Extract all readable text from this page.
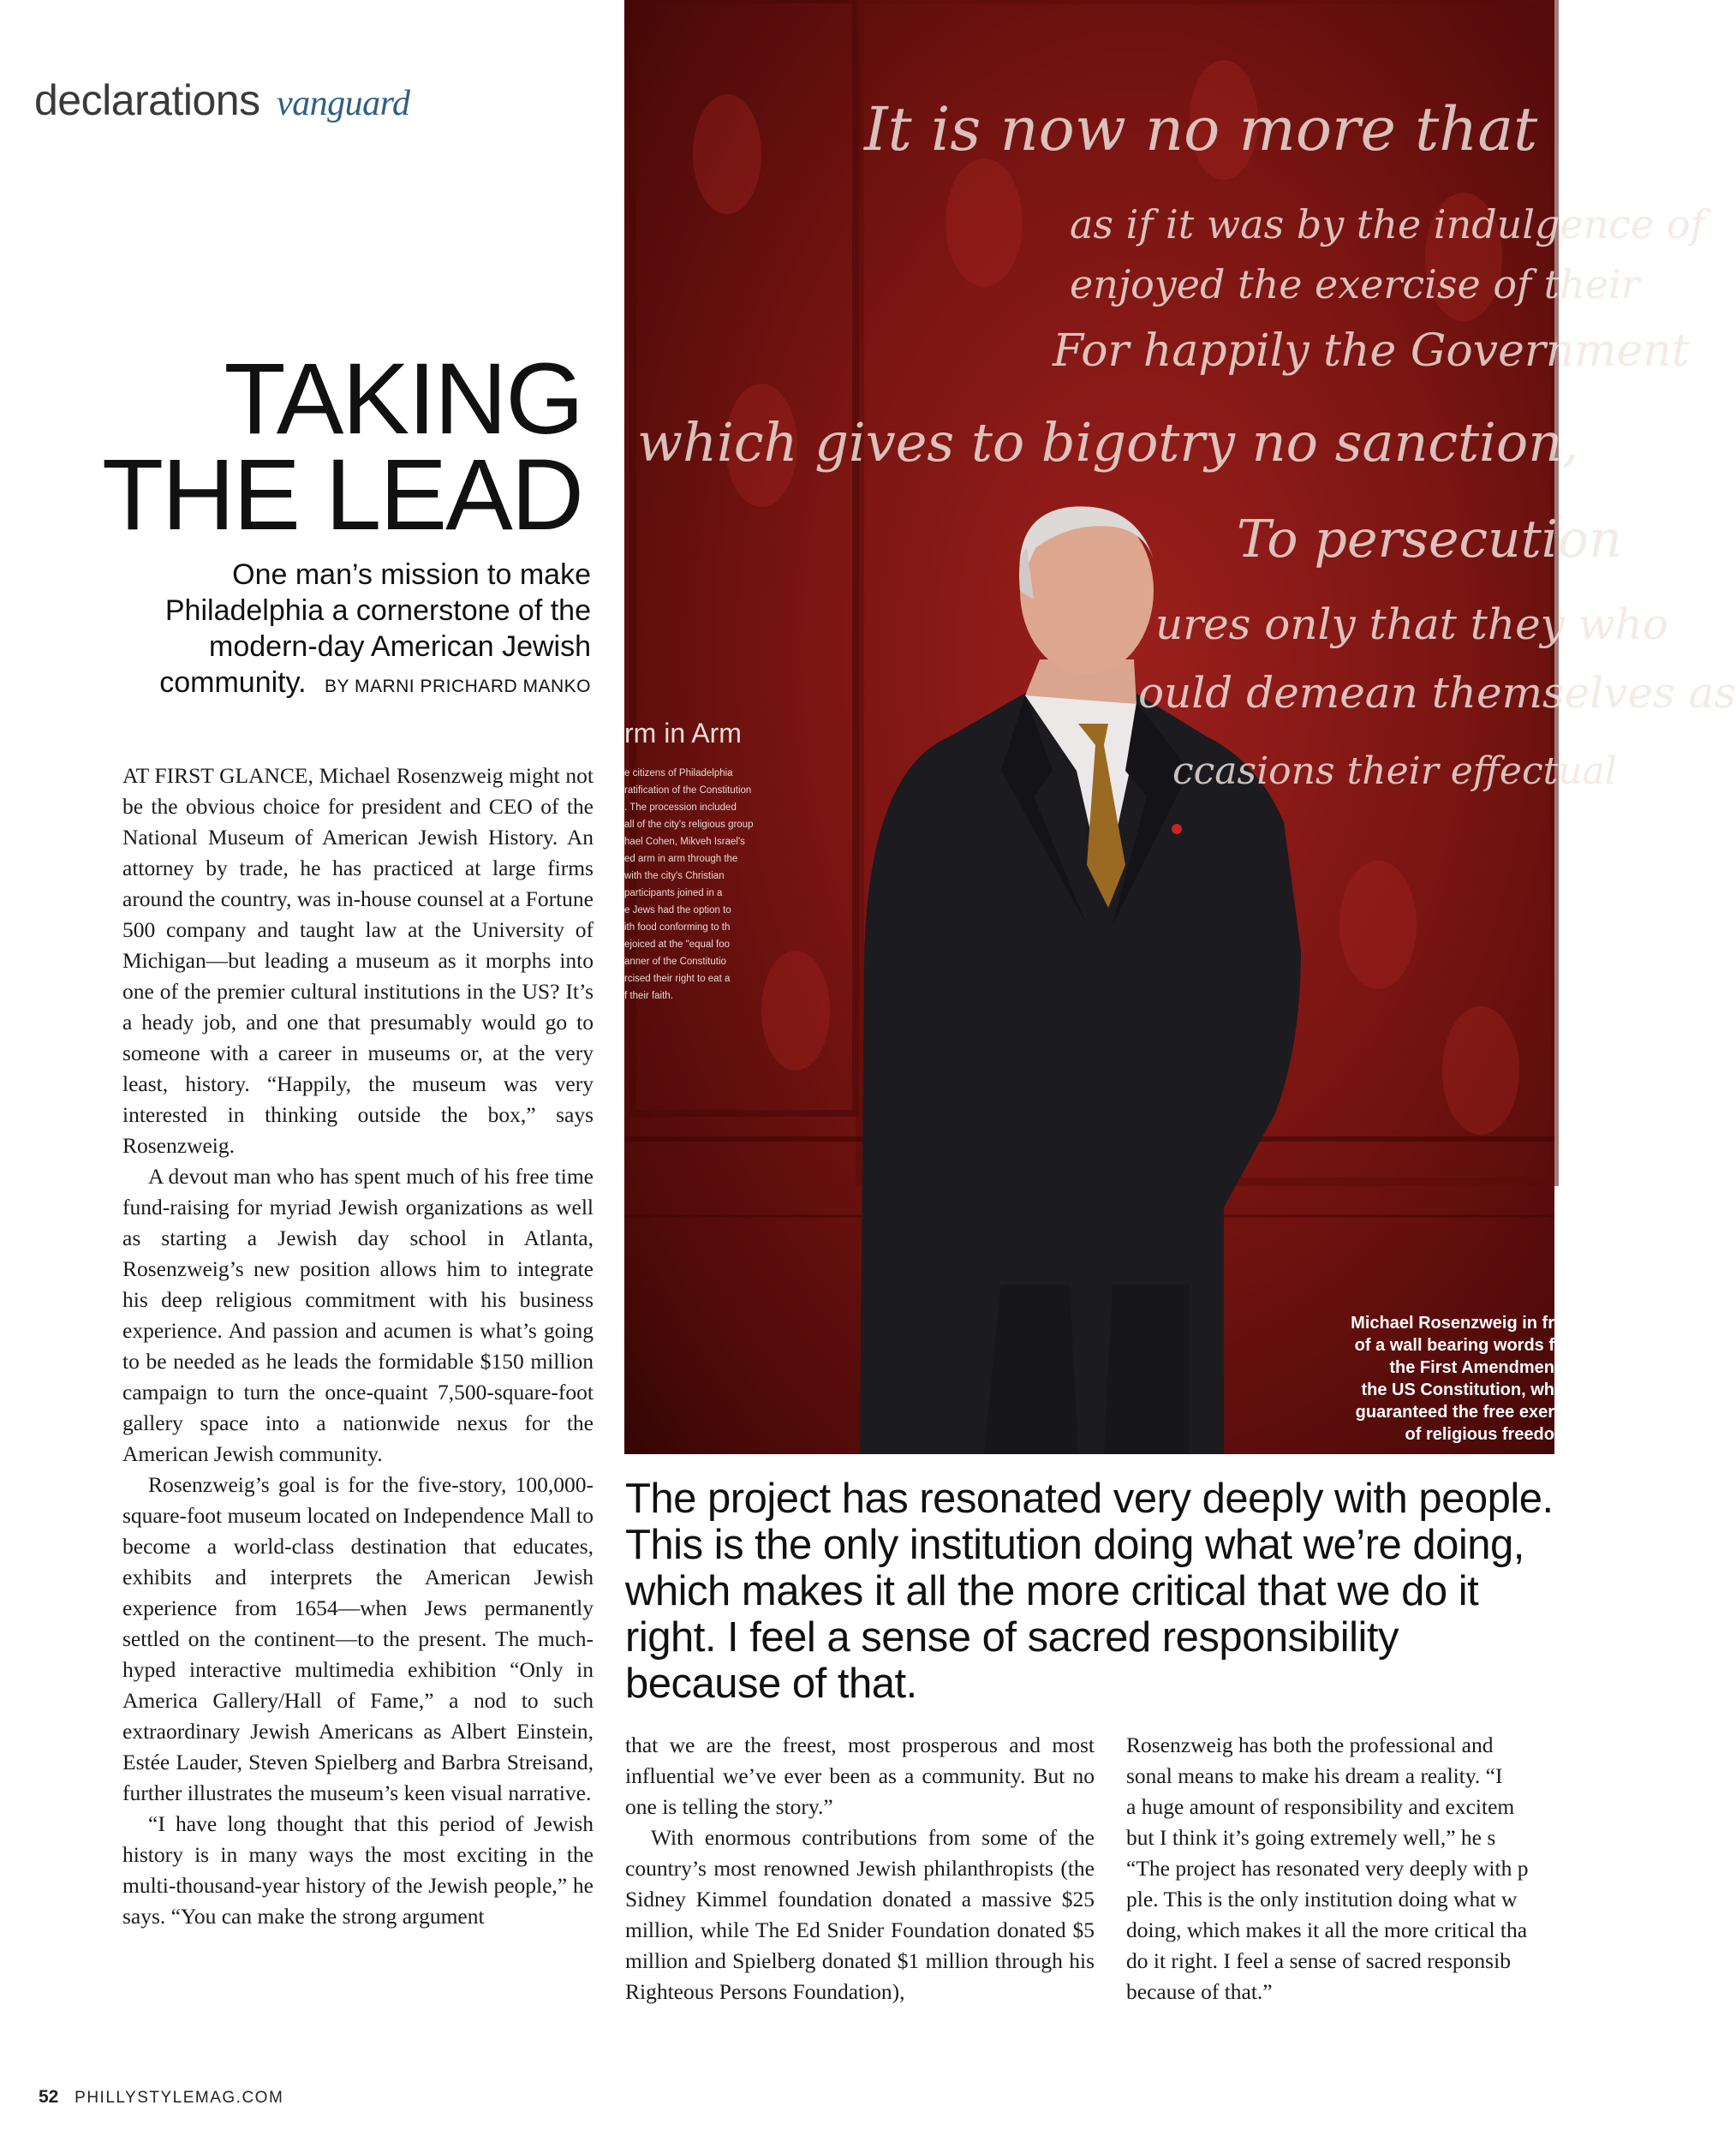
declarations vanguard
TAKING
THE LEAD
One man’s mission to make Philadelphia a cornerstone of the modern-day American Jewish community. BY MARNI PRICHARD MANKO

AT FIRST GLANCE, Michael Rosenzweig might not be the obvious choice for president and CEO of the National Museum of American Jewish History. An attorney by trade, he has practiced at large firms around the country, was in-house counsel at a Fortune 500 company and taught law at the University of Michigan—but leading a museum as it morphs into one of the premier cultural institutions in the US? It’s a heady job, and one that presumably would go to someone with a career in museums or, at the very least, history. “Happily, the museum was very interested in thinking outside the box,” says Rosenzweig.

A devout man who has spent much of his free time fund-raising for myriad Jewish organizations as well as starting a Jewish day school in Atlanta, Rosenzweig’s new position allows him to integrate his deep religious commitment with his business experience. And passion and acumen is what’s going to be needed as he leads the formidable $150 million campaign to turn the once-quaint 7,500-square-foot gallery space into a nationwide nexus for the American Jewish community.

Rosenzweig’s goal is for the five-story, 100,000-square-foot museum located on Independence Mall to become a world-class destination that educates, exhibits and interprets the American Jewish experience from 1654—when Jews permanently settled on the continent—to the present. The much-hyped interactive multimedia exhibition “Only in America Gallery/Hall of Fame,” a nod to such extraordinary Jewish Americans as Albert Einstein, Estée Lauder, Steven Spielberg and Barbra Streisand, further illustrates the museum’s keen visual narrative.

“I have long thought that this period of Jewish history is in many ways the most exciting in the multi-thousand-year history of the Jewish people,” he says. “You can make the strong argument

It is now no more that
as if it was by the indulgence of
enjoyed the exercise of their
For happily the Government
which gives to bigotry no sanction,
To persecution
ures only that they who
ould demean themselves as
ccasions their effectual
rm in Arm
e citizens of Philadelphia
ratification of the Constitution
. The procession included
all of the city's religious group
hael Cohen, Mikveh Israel's
ed arm in arm through the
with the city's Christian
participants joined in a
e Jews had the option to
ith food conforming to th
ejoiced at the "equal foo
anner of the Constitutio
rcised their right to eat a
f their faith.
Michael Rosenzweig in fr
of a wall bearing words f
the First Amendmen
the US Constitution, wh
guaranteed the free exer
of religious freedo
The project has resonated very deeply with people. This is the only institution doing what we’re doing, which makes it all the more critical that we do it right. I feel a sense of sacred responsibility because of that.

that we are the freest, most prosperous and most influential we’ve ever been as a community. But no one is telling the story.”

With enormous contributions from some of the country’s most renowned Jewish philanthropists (the Sidney Kimmel foundation donated a massive $25 million, while The Ed Snider Foundation donated $5 million and Spielberg donated $1 million through his Righteous Persons Foundation),

Rosenzweig has both the professional and

sonal means to make his dream a reality. “I

a huge amount of responsibility and excitem

but I think it’s going extremely well,” he s

“The project has resonated very deeply with p

ple. This is the only institution doing what w

doing, which makes it all the more critical tha

do it right. I feel a sense of sacred responsib

because of that.”

52 PHILLYSTYLEMAG.COM
